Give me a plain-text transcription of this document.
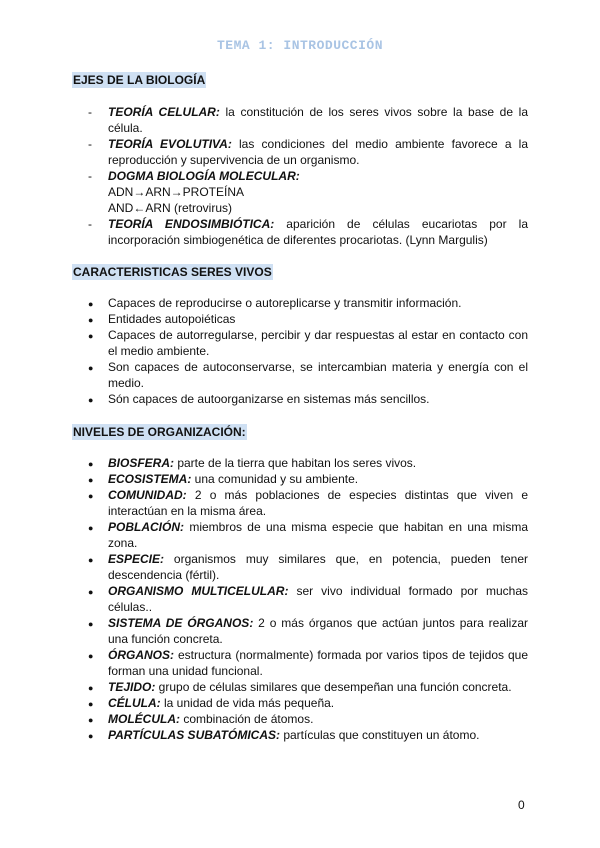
TEMA 1: INTRODUCCIÓN
EJES DE LA BIOLOGÍA
-
TEORÍA CELULAR: la constitución de los seres vivos sobre la base de la célula.
-
TEORÍA EVOLUTIVA: las condiciones del medio ambiente favorece a la reproducción y supervivencia de un organismo.
-
DOGMA BIOLOGÍA MOLECULAR:
ADN→ARN→PROTEÍNA
AND←ARN (retrovirus)
-
TEORÍA ENDOSIMBIÓTICA: aparición de células eucariotas por la incorporación simbiogenética de diferentes procariotas. (Lynn Margulis)
CARACTERISTICAS SERES VIVOS
●
Capaces de reproducirse o autoreplicarse y transmitir información.
●
Entidades autopoiéticas
●
Capaces de autorregularse, percibir y dar respuestas al estar en contacto con el medio ambiente.
●
Son capaces de autoconservarse, se intercambian materia y energía con el medio.
●
Són capaces de autoorganizarse en sistemas más sencillos.
NIVELES DE ORGANIZACIÓN:
●
BIOSFERA: parte de la tierra que habitan los seres vivos.
●
ECOSISTEMA: una comunidad y su ambiente.
●
COMUNIDAD: 2 o más poblaciones de especies distintas que viven e interactúan en la misma área.
●
POBLACIÓN: miembros de una misma especie que habitan en una misma zona.
●
ESPECIE: organismos muy similares que, en potencia, pueden tener descendencia (fértil).
●
ORGANISMO MULTICELULAR: ser vivo individual formado por muchas células..
●
SISTEMA DE ÓRGANOS: 2 o más órganos que actúan juntos para realizar una función concreta.
●
ÓRGANOS: estructura (normalmente) formada por varios tipos de tejidos que forman una unidad funcional.
●
TEJIDO: grupo de células similares que desempeñan una función concreta.
●
CÉLULA: la unidad de vida más pequeña.
●
MOLÉCULA: combinación de átomos.
●
PARTÍCULAS SUBATÓMICAS: partículas que constituyen un átomo.
0
